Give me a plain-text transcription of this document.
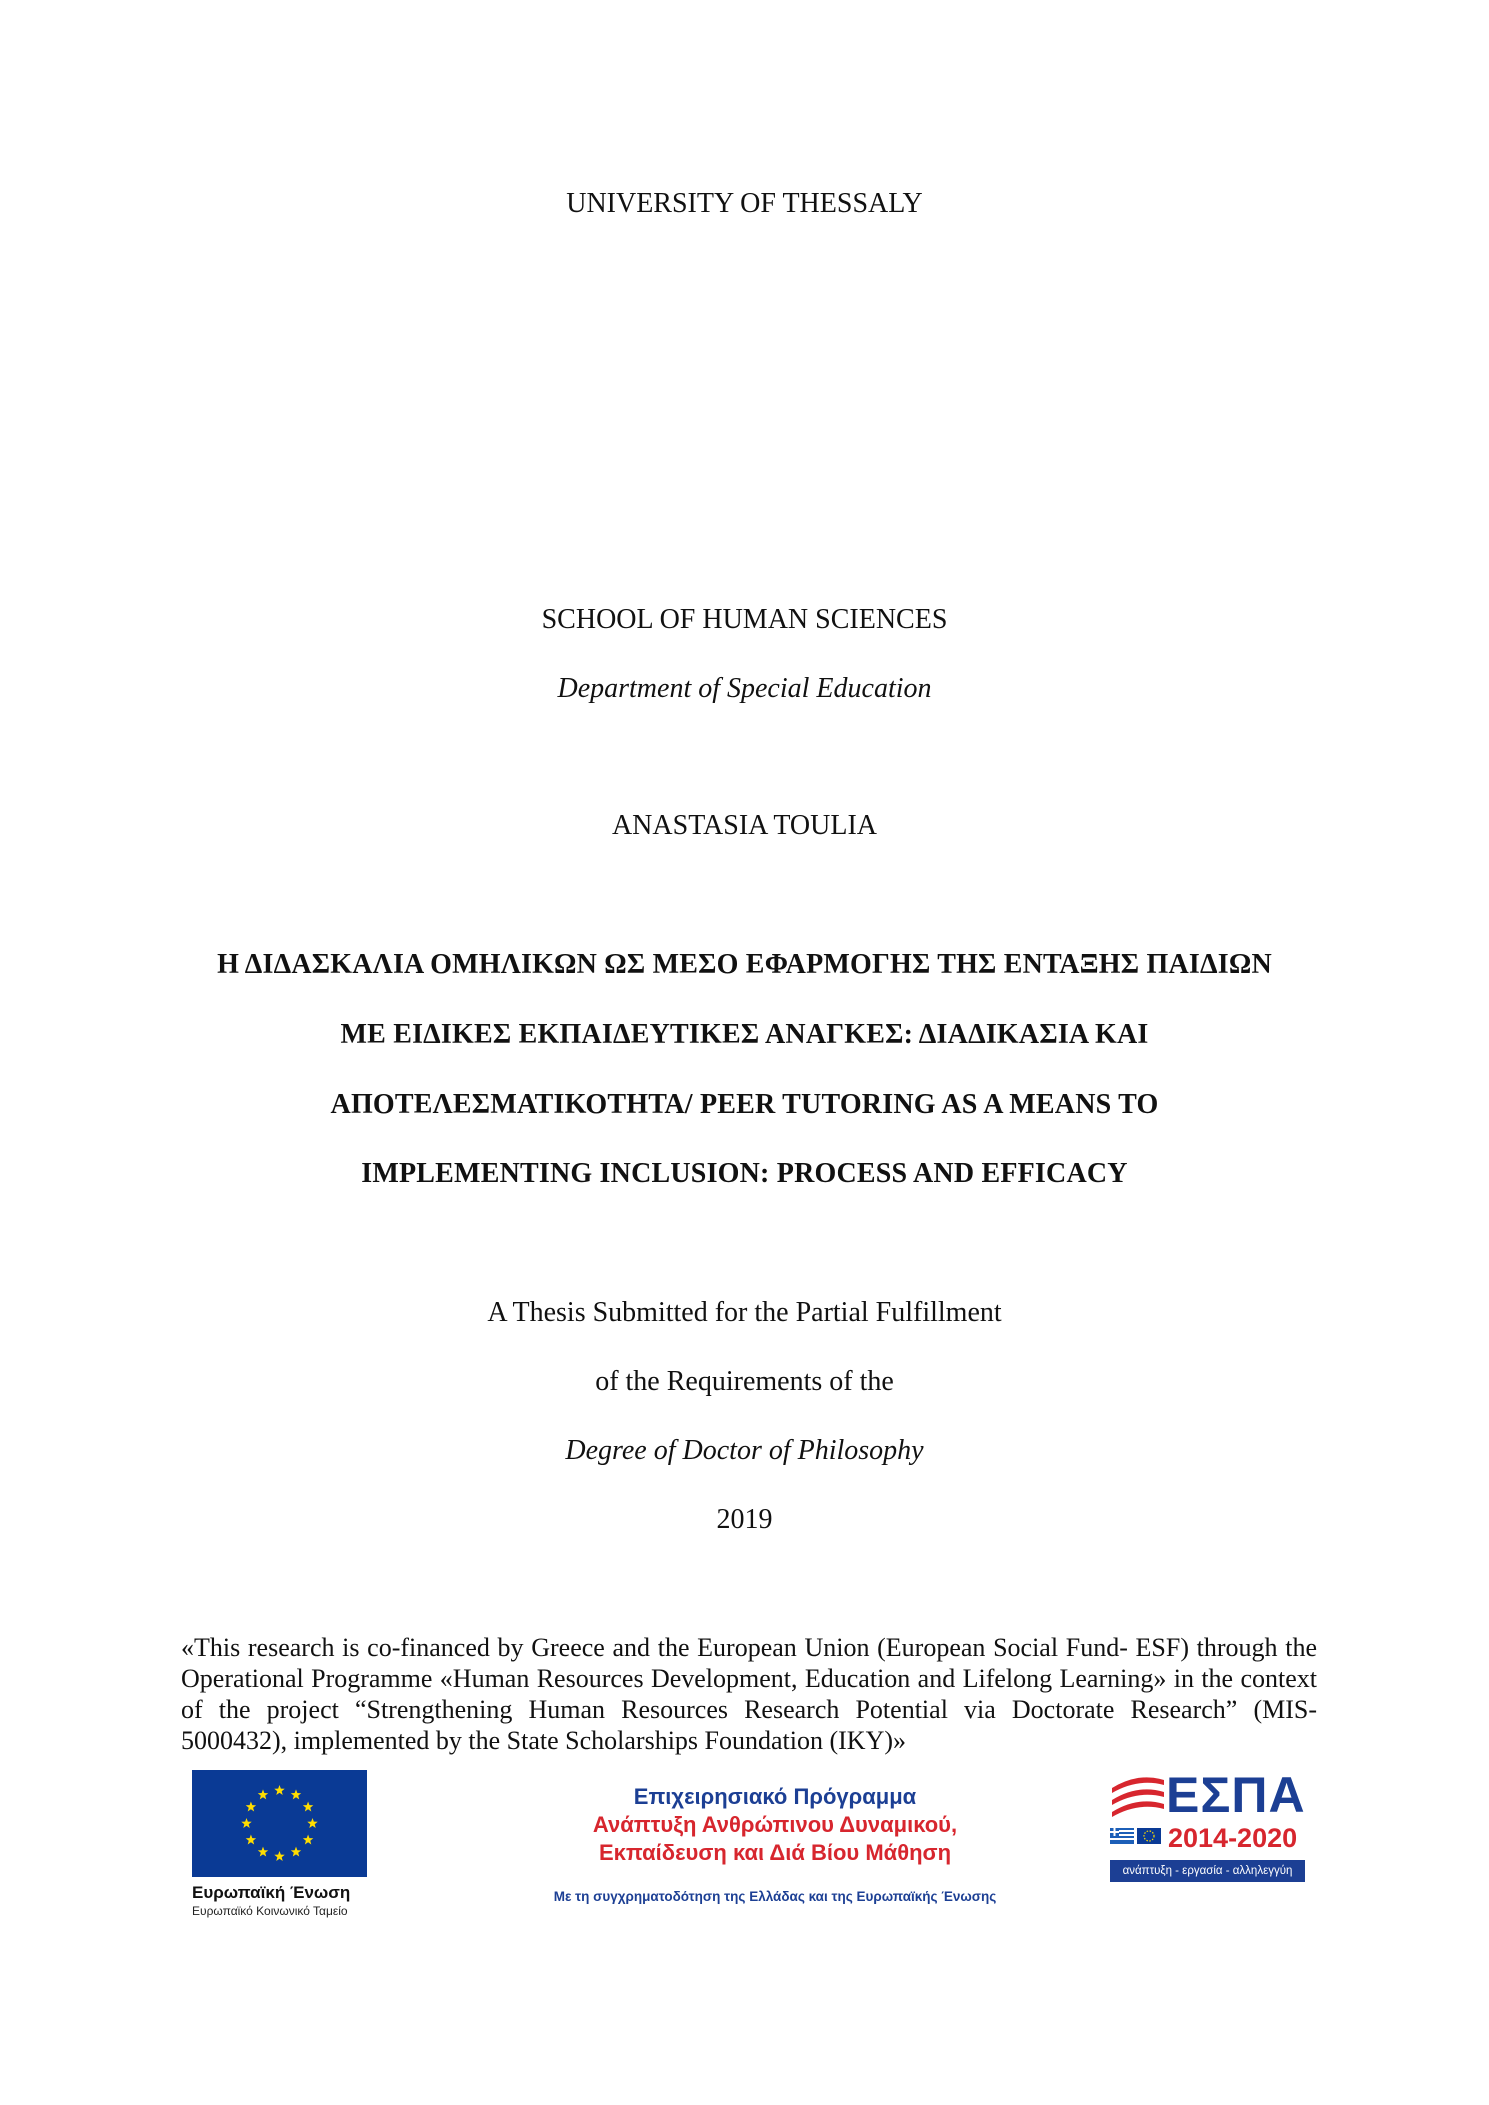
UNIVERSITY OF THESSALY
SCHOOL OF HUMAN SCIENCES
Department of Special Education
ANASTASIA TOULIA
Η ΔΙΔΑΣΚΑΛΙΑ ΟΜΗΛΙΚΩΝ ΩΣ ΜΕΣΟ ΕΦΑΡΜΟΓΗΣ ΤΗΣ ΕΝΤΑΞΗΣ ΠΑΙΔΙΩΝ
ΜΕ ΕΙΔΙΚΕΣ ΕΚΠΑΙΔΕΥΤΙΚΕΣ ΑΝΑΓΚΕΣ: ΔΙΑΔΙΚΑΣΙΑ ΚΑΙ
ΑΠΟΤΕΛΕΣΜΑΤΙΚΟΤΗΤΑ/ PEER TUTORING AS A MEANS TO
IMPLEMENTING INCLUSION: PROCESS AND EFFICACY
A Thesis Submitted for the Partial Fulfillment
of the Requirements of the
Degree of Doctor of Philosophy
2019
«This research is co-financed by Greece and the European Union (European Social Fund- ESF) through the Operational Programme «Human Resources Development, Education and Lifelong Learning» in the context of the project “Strengthening Human Resources Research Potential via Doctorate Research” (MIS-5000432), implemented by the State Scholarships Foundation (IKY)»
Ευρωπαϊκή Ένωση
Ευρωπαϊκό Κοινωνικό Ταμείο
Επιχειρησιακό Πρόγραμμα
Ανάπτυξη Ανθρώπινου Δυναμικού,
Εκπαίδευση και Διά Βίου Μάθηση
Με τη συγχρηματοδότηση της Ελλάδας και της Ευρωπαϊκής Ένωσης
ΕΣΠΑ
2014-2020
ανάπτυξη - εργασία - αλληλεγγύη
